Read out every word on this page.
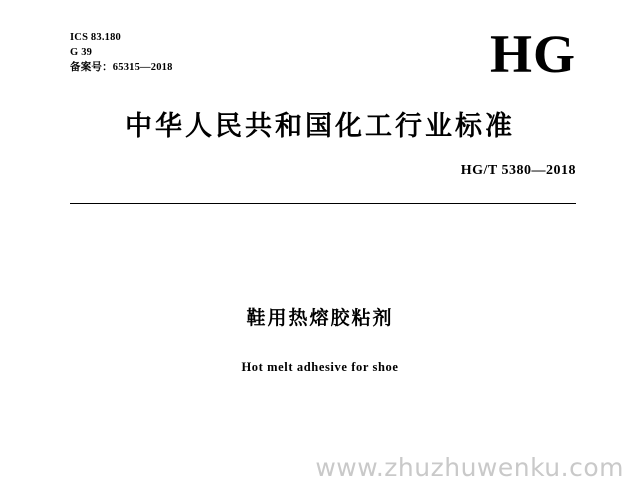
ICS 83.180
G 39
备案号：65315—2018	HG
中华人民共和国化工行业标准
HG/T 5380—2018
鞋用热熔胶粘剂
Hot melt adhesive for shoe
www.zhuzhuwenku.com
